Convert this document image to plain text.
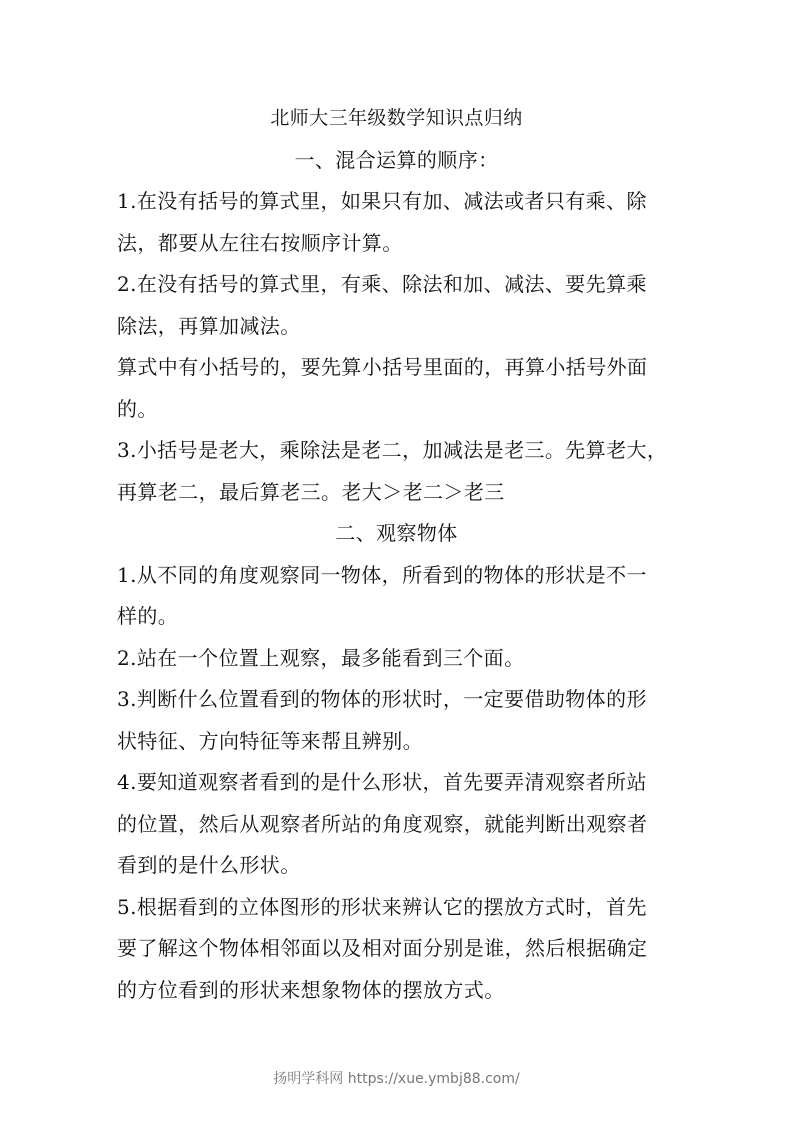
北师大三年级数学知识点归纳
一、混合运算的顺序：
1.在没有括号的算式里，如果只有加、减法或者只有乘、除
法，都要从左往右按顺序计算。
2.在没有括号的算式里，有乘、除法和加、减法、要先算乘
除法，再算加减法。
算式中有小括号的，要先算小括号里面的，再算小括号外面
的。
3.小括号是老大，乘除法是老二，加减法是老三。先算老大，
再算老二，最后算老三。老大＞老二＞老三
二、观察物体
1.从不同的角度观察同一物体，所看到的物体的形状是不一
样的。
2.站在一个位置上观察，最多能看到三个面。
3.判断什么位置看到的物体的形状时，一定要借助物体的形
状特征、方向特征等来帮且辨别。
4.要知道观察者看到的是什么形状，首先要弄清观察者所站
的位置，然后从观察者所站的角度观察，就能判断出观察者
看到的是什么形状。
5.根据看到的立体图形的形状来辨认它的摆放方式时，首先
要了解这个物体相邻面以及相对面分别是谁，然后根据确定
的方位看到的形状来想象物体的摆放方式。
扬明学科网 https://xue.ymbj88.com/
